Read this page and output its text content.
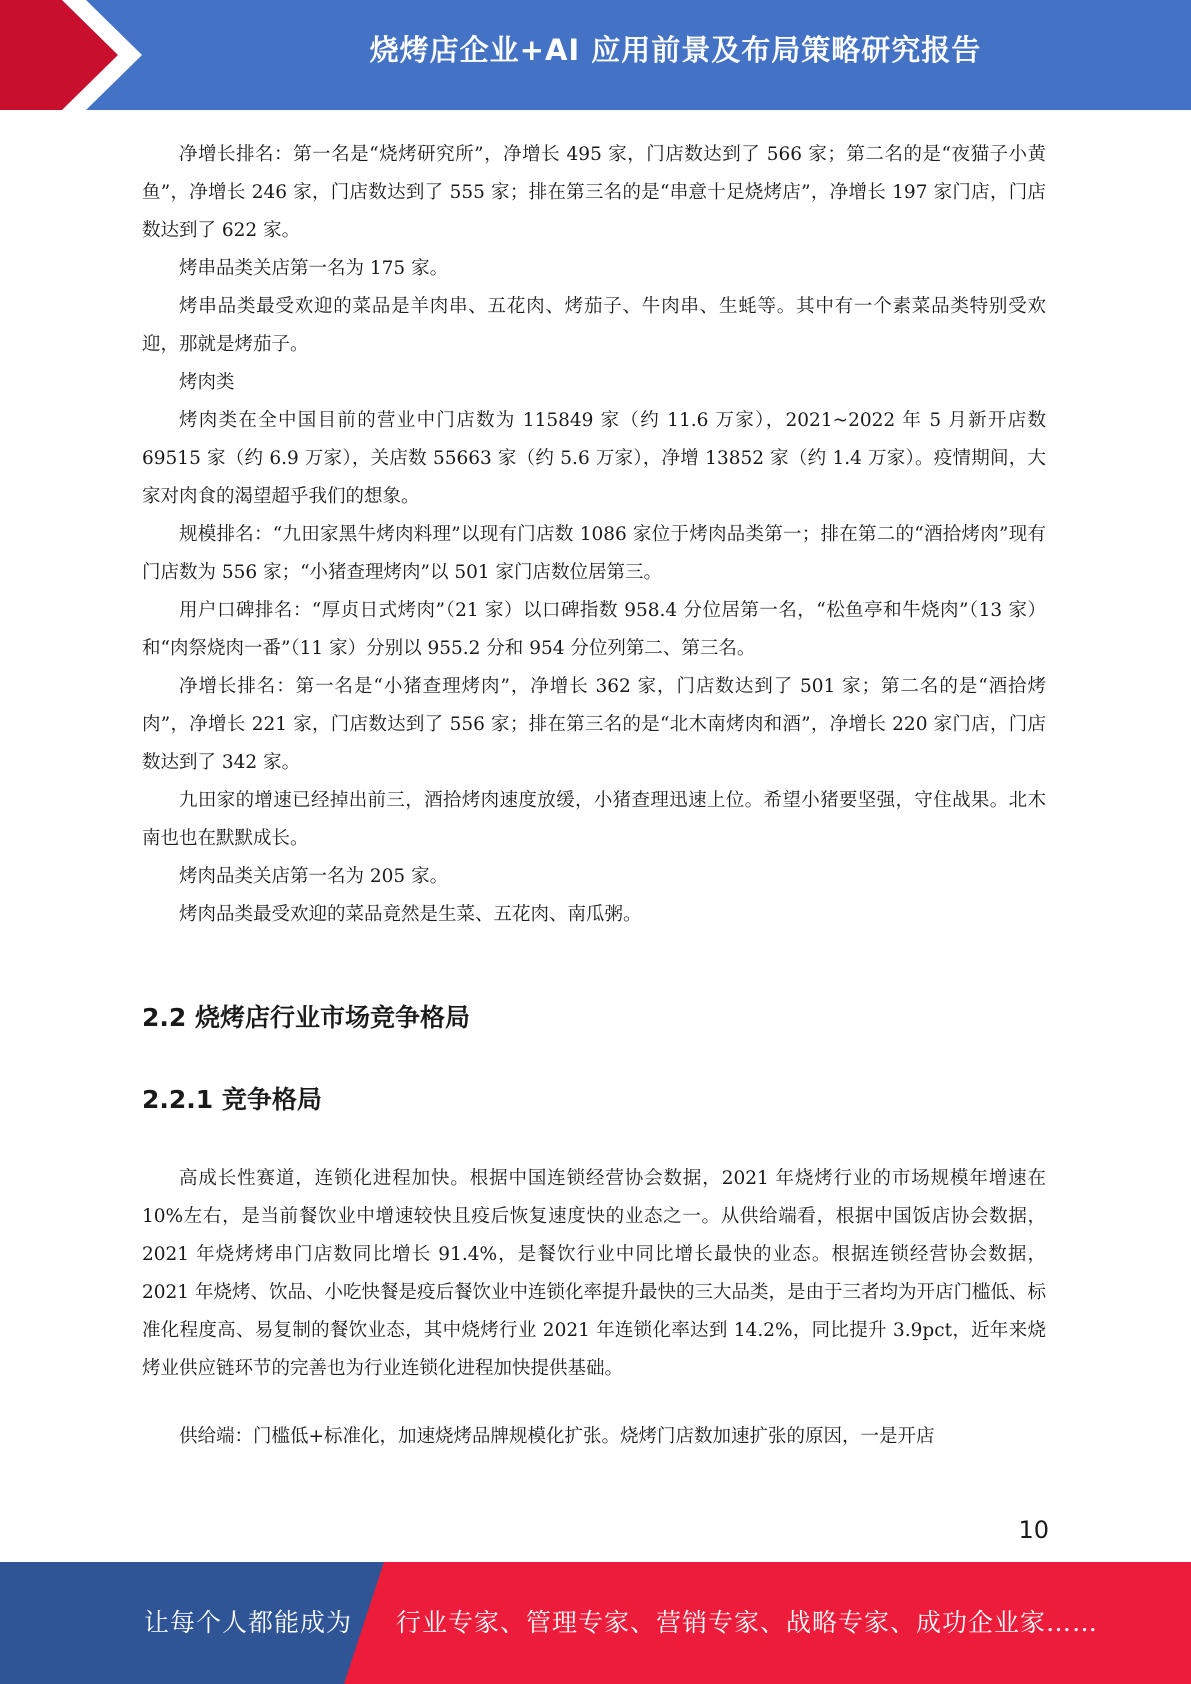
烧烤店企业+AI 应用前景及布局策略研究报告

净增长排名：第一名是“烧烤研究所”，净增长 495 家，门店数达到了 566 家；第二名的是“夜猫子小黄鱼”，净增长 246 家，门店数达到了 555 家；排在第三名的是“串意十足烧烤店”，净增长 197 家门店，门店数达到了 622 家。

烤串品类关店第一名为 175 家。

烤串品类最受欢迎的菜品是羊肉串、五花肉、烤茄子、牛肉串、生蚝等。其中有一个素菜品类特别受欢迎，那就是烤茄子。

烤肉类

烤肉类在全中国目前的营业中门店数为 115849 家（约 11.6 万家），2021~2022 年 5 月新开店数 69515 家（约 6.9 万家），关店数 55663 家（约 5.6 万家），净增 13852 家（约 1.4 万家）。疫情期间，大家对肉食的渴望超乎我们的想象。

规模排名：“九田家黑牛烤肉料理”以现有门店数 1086 家位于烤肉品类第一；排在第二的“酒拾烤肉”现有门店数为 556 家；“小猪查理烤肉”以 501 家门店数位居第三。

用户口碑排名：“厚贞日式烤肉”（21 家）以口碑指数 958.4 分位居第一名，“松鱼亭和牛烧肉”（13 家）和“肉祭烧肉一番”（11 家）分别以 955.2 分和 954 分位列第二、第三名。

净增长排名：第一名是“小猪查理烤肉”，净增长 362 家，门店数达到了 501 家；第二名的是“酒拾烤肉”，净增长 221 家，门店数达到了 556 家；排在第三名的是“北木南烤肉和酒”，净增长 220 家门店，门店数达到了 342 家。

九田家的增速已经掉出前三，酒拾烤肉速度放缓，小猪查理迅速上位。希望小猪要坚强，守住战果。北木南也也在默默成长。

烤肉品类关店第一名为 205 家。

烤肉品类最受欢迎的菜品竟然是生菜、五花肉、南瓜粥。

2.2 烧烤店行业市场竞争格局
2.2.1 竞争格局

高成长性赛道，连锁化进程加快。根据中国连锁经营协会数据，2021 年烧烤行业的市场规模年增速在 10%左右，是当前餐饮业中增速较快且疫后恢复速度快的业态之一。从供给端看，根据中国饭店协会数据，2021 年烧烤烤串门店数同比增长 91.4%，是餐饮行业中同比增长最快的业态。根据连锁经营协会数据，2021 年烧烤、饮品、小吃快餐是疫后餐饮业中连锁化率提升最快的三大品类，是由于三者均为开店门槛低、标准化程度高、易复制的餐饮业态，其中烧烤行业 2021 年连锁化率达到 14.2%，同比提升 3.9pct，近年来烧烤业供应链环节的完善也为行业连锁化进程加快提供基础。

供给端：门槛低+标准化，加速烧烤品牌规模化扩张。烧烤门店数加速扩张的原因，一是开店

10
让每个人都能成为 行业专家、管理专家、营销专家、战略专家、成功企业家……
